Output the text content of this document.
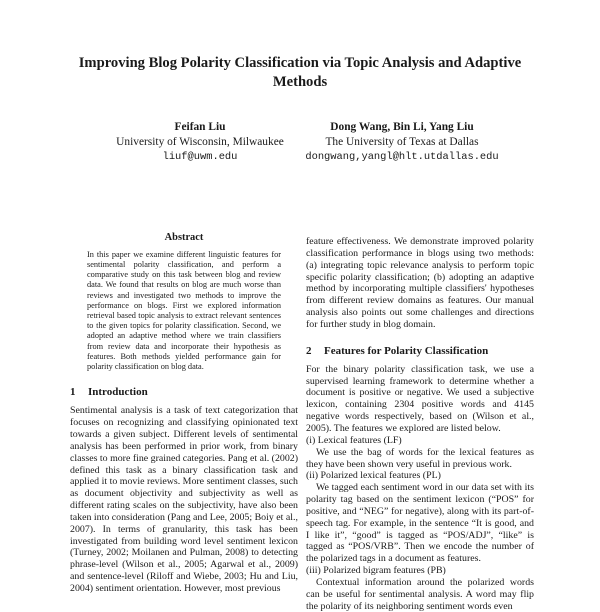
Improving Blog Polarity Classification via Topic Analysis and Adaptive Methods
Feifan Liu
University of Wisconsin, Milwaukee
liuf@uwm.edu
Dong Wang, Bin Li, Yang Liu
The University of Texas at Dallas
dongwang,yangl@hlt.utdallas.edu
Abstract

In this paper we examine different linguistic features for sentimental polarity classification, and perform a comparative study on this task between blog and review data. We found that results on blog are much worse than reviews and investigated two methods to improve the performance on blogs. First we explored information retrieval based topic analysis to extract relevant sentences to the given topics for polarity classification. Second, we adopted an adaptive method where we train classifiers from review data and incorporate their hypothesis as features. Both methods yielded performance gain for polarity classification on blog data.

1 Introduction

Sentimental analysis is a task of text categorization that focuses on recognizing and classifying opinionated text towards a given subject. Different levels of sentimental analysis has been performed in prior work, from binary classes to more fine grained categories. Pang et al. (2002) defined this task as a binary classification task and applied it to movie reviews. More sentiment classes, such as document objectivity and subjectivity as well as different rating scales on the subjectivity, have also been taken into consideration (Pang and Lee, 2005; Boiy et al., 2007). In terms of granularity, this task has been investigated from building word level sentiment lexicon (Turney, 2002; Moilanen and Pulman, 2008) to detecting phrase-level (Wilson et al., 2005; Agarwal et al., 2009) and sentence-level (Riloff and Wiebe, 2003; Hu and Liu, 2004) sentiment orientation. However, most previous

feature effectiveness. We demonstrate improved polarity classification performance in blogs using two methods: (a) integrating topic relevance analysis to perform topic specific polarity classification; (b) adopting an adaptive method by incorporating multiple classifiers' hypotheses from different review domains as features. Our manual analysis also points out some challenges and directions for further study in blog domain.

2 Features for Polarity Classification

For the binary polarity classification task, we use a supervised learning framework to determine whether a document is positive or negative. We used a subjective lexicon, containing 2304 positive words and 4145 negative words respectively, based on (Wilson et al., 2005). The features we explored are listed below.

(i) Lexical features (LF)

We use the bag of words for the lexical features as they have been shown very useful in previous work.

(ii) Polarized lexical features (PL)

We tagged each sentiment word in our data set with its polarity tag based on the sentiment lexicon (“POS” for positive, and “NEG” for negative), along with its part-of-speech tag. For example, in the sentence “It is good, and I like it”, “good” is tagged as “POS/ADJ”, “like” is tagged as “POS/VRB”. Then we encode the number of the polarized tags in a document as features.

(iii) Polarized bigram features (PB)

Contextual information around the polarized words can be useful for sentimental analysis. A word may flip the polarity of its neighboring sentiment words even
